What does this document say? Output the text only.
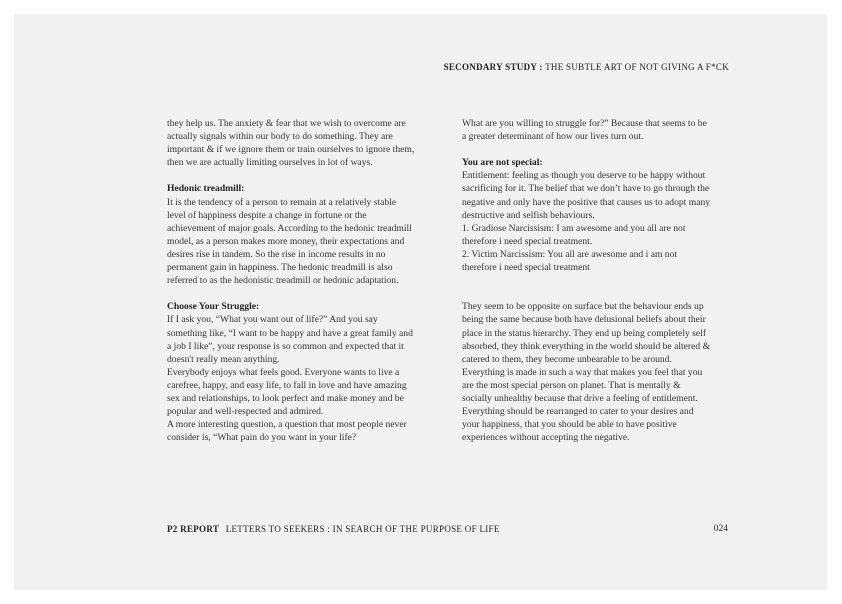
SECONDARY STUDY : THE SUBTLE ART OF NOT GIVING A F*CK

they help us. The anxiety & fear that we wish to overcome are actually signals within our body to do something. They are important & if we ignore them or train ourselves to ignore them, then we are actually limiting ourselves in lot of ways.

Hedonic treadmill:

It is the tendency of a person to remain at a relatively stable level of happiness despite a change in fortune or the achievement of major goals. According to the hedonic treadmill model, as a person makes more money, their expectations and desires rise in tandem. So the rise in income results in no permanent gain in happiness. The hedonic treadmill is also referred to as the hedonistic treadmill or hedonic adaptation.

Choose Your Struggle:

If I ask you, “What you want out of life?” And you say something like, “I want to be happy and have a great family and a job I like”, your response is so common and expected that it doesn't really mean anything.

Everybody enjoys what feels good. Everyone wants to live a carefree, happy, and easy life, to fall in love and have amazing sex and relationships, to look perfect and make money and be popular and well-respected and admired.

A more interesting question, a question that most people never consider is, “What pain do you want in your life?

What are you willing to struggle for?” Because that seems to be a greater determinant of how our lives turn out.

You are not special:

Entitlement: feeling as though you deserve to be happy without sacrificing for it. The belief that we don’t have to go through the negative and only have the positive that causes us to adopt many destructive and selfish behaviours.

1. Gradiose Narcissism: I am awesome and you all are not therefore i need special treatment.

2. Victim Narcissism: You all are awesome and i am not therefore i need special treatment

They seem to be opposite on surface but the behaviour ends up being the same because both have delusional beliefs about their place in the status hierarchy. They end up being completely self absorbed, they think everything in the world should be altered & catered to them, they become unbearable to be around. Everything is made in such a way that makes you feel that you are the most special person on planet. That is mentally & socially unhealthy because that drive a feeling of entitlement. Everything should be rearranged to cater to your desires and your happiness, that you should be able to have positive experiences without accepting the negative.

P2 REPORT LETTERS TO SEEKERS : IN SEARCH OF THE PURPOSE OF LIFE	024
